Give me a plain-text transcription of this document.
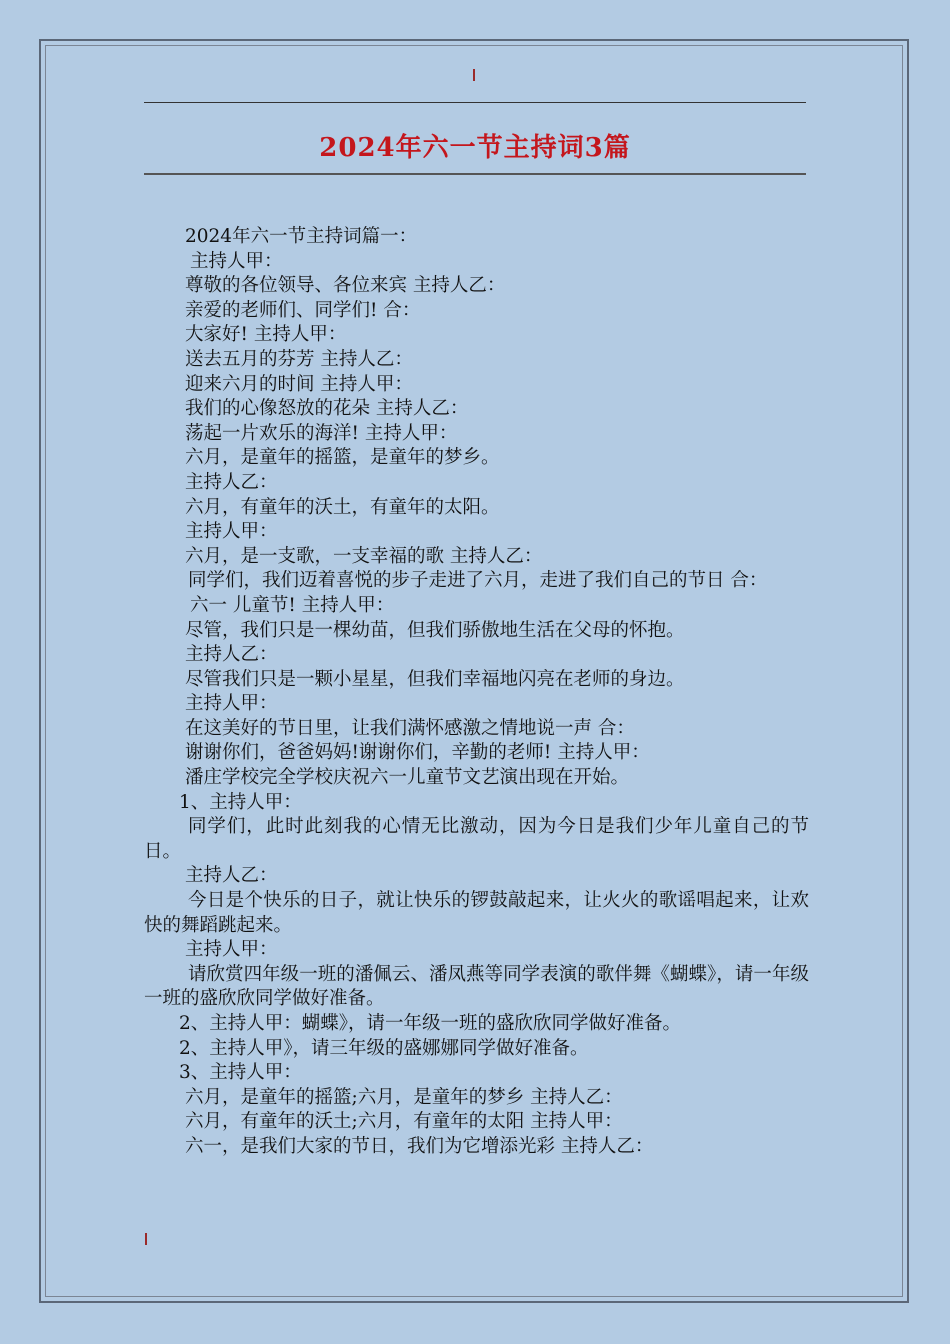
2024年六一节主持词3篇
2024年六一节主持词篇一：
主持人甲：
尊敬的各位领导、各位来宾 主持人乙：
亲爱的老师们、同学们! 合：
大家好! 主持人甲：
送去五月的芬芳 主持人乙：
迎来六月的时间 主持人甲：
我们的心像怒放的花朵 主持人乙：
荡起一片欢乐的海洋! 主持人甲：
六月，是童年的摇篮，是童年的梦乡。
主持人乙：
六月，有童年的沃土，有童年的太阳。
主持人甲：
六月，是一支歌，一支幸福的歌 主持人乙：
同学们，我们迈着喜悦的步子走进了六月，走进了我们自己的节日 合：
六一 儿童节! 主持人甲：
尽管，我们只是一棵幼苗，但我们骄傲地生活在父母的怀抱。
主持人乙：
尽管我们只是一颗小星星，但我们幸福地闪亮在老师的身边。
主持人甲：
在这美好的节日里，让我们满怀感激之情地说一声 合：
谢谢你们，爸爸妈妈!谢谢你们，辛勤的老师! 主持人甲：
潘庄学校完全学校庆祝六一儿童节文艺演出现在开始。
1、主持人甲：
同学们，此时此刻我的心情无比激动，因为今日是我们少年儿童自己的节日。
主持人乙：
今日是个快乐的日子，就让快乐的锣鼓敲起来，让火火的歌谣唱起来，让欢快的舞蹈跳起来。
主持人甲：
请欣赏四年级一班的潘佩云、潘凤燕等同学表演的歌伴舞《蝴蝶》，请一年级一班的盛欣欣同学做好准备。
2、主持人甲：蝴蝶》，请一年级一班的盛欣欣同学做好准备。
2、主持人甲》，请三年级的盛娜娜同学做好准备。
3、主持人甲：
六月，是童年的摇篮;六月，是童年的梦乡 主持人乙：
六月，有童年的沃土;六月，有童年的太阳 主持人甲：
六一，是我们大家的节日，我们为它增添光彩 主持人乙：
